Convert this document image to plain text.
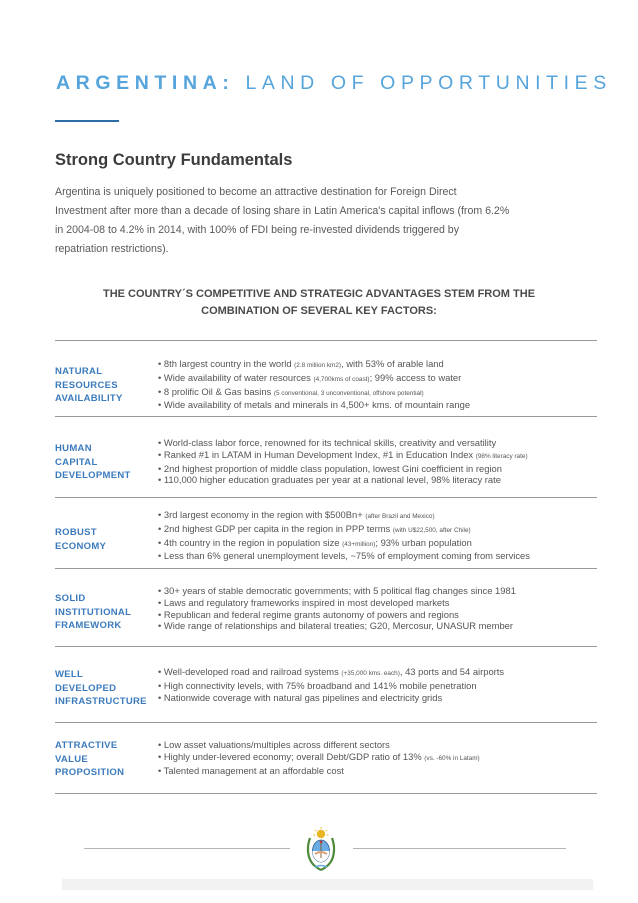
ARGENTINA: LAND OF OPPORTUNITIES
Strong Country Fundamentals

Argentina is uniquely positioned to become an attractive destination for Foreign Direct
Investment after more than a decade of losing share in Latin America's capital inflows (from 6.2%
in 2004-08 to 4.2% in 2014, with 100% of FDI being re-invested dividends triggered by
repatriation restrictions).

THE COUNTRY´S COMPETITIVE AND STRATEGIC ADVANTAGES STEM FROM THE
COMBINATION OF SEVERAL KEY FACTORS:

NATURAL
RESOURCES
AVAILABILITY

• 8th largest country in the world (2.8 million km2), with 53% of arable land
• Wide availability of water resources (4,700kms of coast); 99% access to water
• 8 prolific Oil & Gas basins (5 conventional, 3 unconventional, offshore potential)
• Wide availability of metals and minerals in 4,500+ kms. of mountain range

HUMAN
CAPITAL
DEVELOPMENT

• World-class labor force, renowned for its technical skills, creativity and versatility
• Ranked #1 in LATAM in Human Development Index, #1 in Education Index (98% literacy rate)
• 2nd highest proportion of middle class population, lowest Gini coefficient in region
• 110,000 higher education graduates per year at a national level, 98% literacy rate

ROBUST
ECONOMY

• 3rd largest economy in the region with $500Bn+ (after Brazil and Mexico)
• 2nd highest GDP per capita in the region in PPP terms (with U$22,500, after Chile)
• 4th country in the region in population size (43+million); 93% urban population
• Less than 6% general unemployment levels, ~75% of employment coming from services

SOLID
INSTITUTIONAL
FRAMEWORK

• 30+ years of stable democratic governments; with 5 political flag changes since 1981
• Laws and regulatory frameworks inspired in most developed markets
• Republican and federal regime grants autonomy of powers and regions
• Wide range of relationships and bilateral treaties; G20, Mercosur, UNASUR member

WELL
DEVELOPED
INFRASTRUCTURE

• Well-developed road and railroad systems (+35,000 kms. each), 43 ports and 54 airports
• High connectivity levels, with 75% broadband and 141% mobile penetration
• Nationwide coverage with natural gas pipelines and electricity grids

ATTRACTIVE
VALUE
PROPOSITION

• Low asset valuations/multiples across different sectors
• Highly under-levered economy; overall Debt/GDP ratio of 13% (vs. -60% in Latam)
• Talented management at an affordable cost
